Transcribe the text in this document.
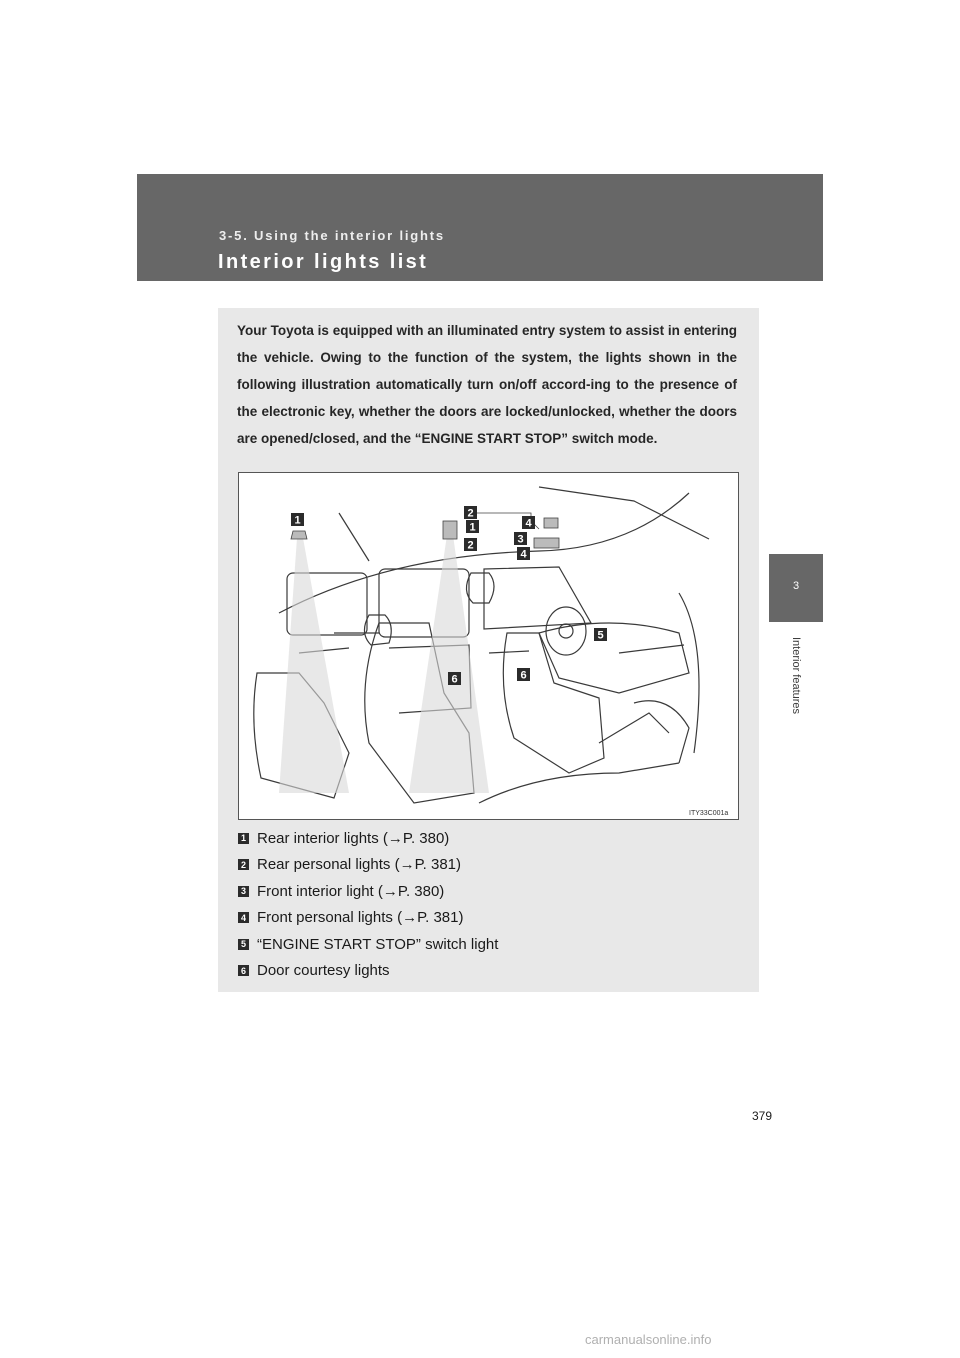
3-5. Using the interior lights
Interior lights list
3
Interior features
Your Toyota is equipped with an illuminated entry system to assist in entering the vehicle. Owing to the function of the system, the lights shown in the following illustration automatically turn on/off accord-ing to the presence of the electronic key, whether the doors are locked/unlocked, whether the doors are opened/closed, and the “ENGINE START STOP” switch mode.
1
2
1
2
4
3
4
5
6	6
ITY33C001a
1 Rear interior lights (→P. 380)
2 Rear personal lights (→P. 381)
3 Front interior light (→P. 380)
4 Front personal lights (→P. 381)
5 “ENGINE START STOP” switch light
6 Door courtesy lights
379
carmanualsonline.info
